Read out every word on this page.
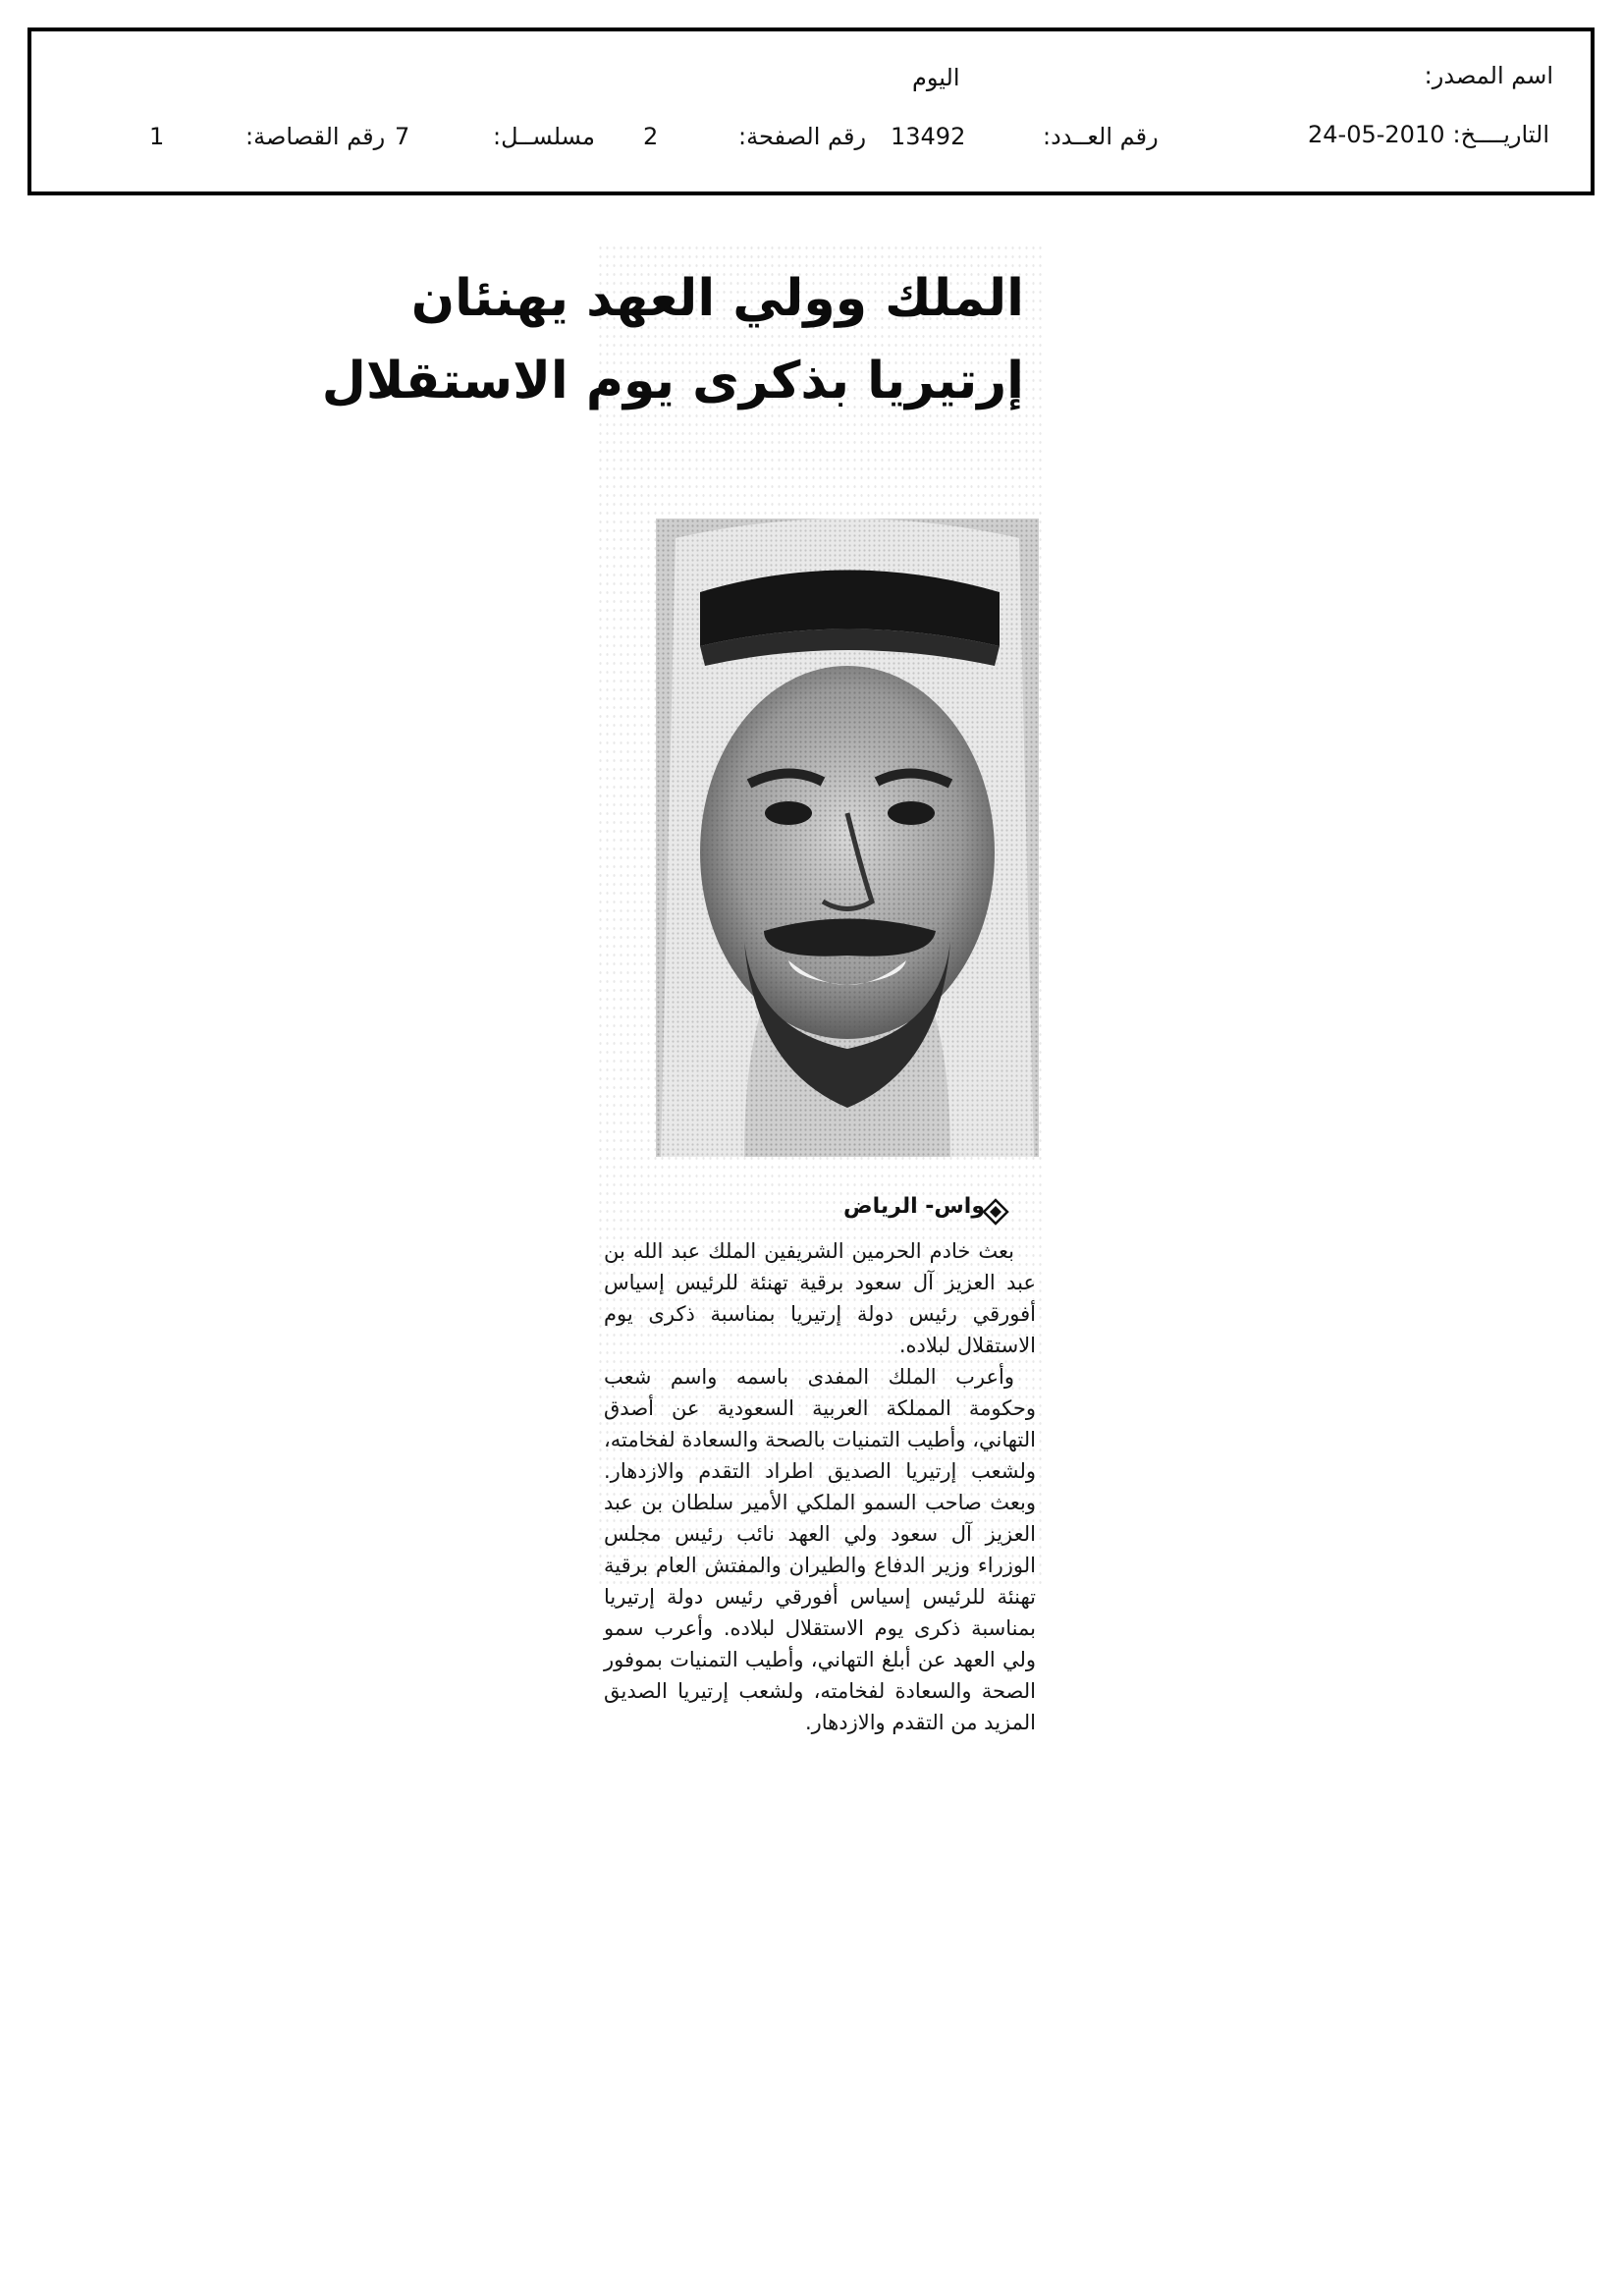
اسم المصدر:
اليوم
التاريــــخ:
24-05-2010
رقم العــدد:
13492
رقم الصفحة:
2
مسلســل:
7
رقم القصاصة:
1
الملك وولي العهد يهنئان
إرتيريا بذكرى يوم الاستقلال
واس- الرياض

بعث خادم الحرمين الشريفين الملك عبد الله بن عبد العزيز آل سعود برقية تهنئة للرئيس إسياس أفورقي رئيس دولة إرتيريا بمناسبة ذكرى يوم الاستقلال لبلاده.

وأعرب الملك المفدى باسمه واسم شعب وحكومة المملكة العربية السعودية عن أصدق التهاني، وأطيب التمنيات بالصحة والسعادة لفخامته، ولشعب إرتيريا الصديق اطراد التقدم والازدهار. وبعث صاحب السمو الملكي الأمير سلطان بن عبد العزيز آل سعود ولي العهد نائب رئيس مجلس الوزراء وزير الدفاع والطيران والمفتش العام برقية تهنئة للرئيس إسياس أفورقي رئيس دولة إرتيريا بمناسبة ذكرى يوم الاستقلال لبلاده. وأعرب سمو ولي العهد عن أبلغ التهاني، وأطيب التمنيات بموفور الصحة والسعادة لفخامته، ولشعب إرتيريا الصديق المزيد من التقدم والازدهار.
